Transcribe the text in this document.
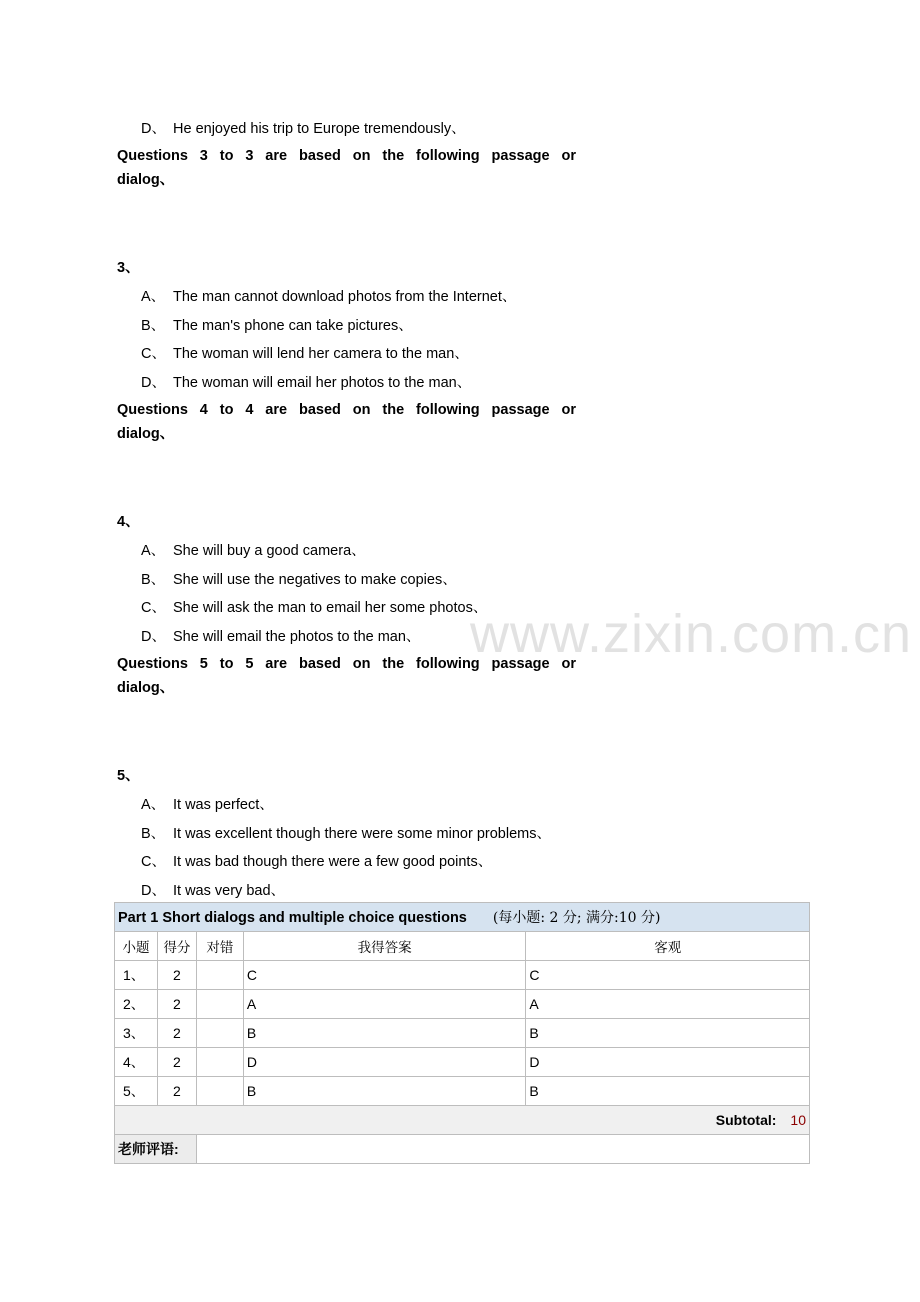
D、 He enjoyed his trip to Europe tremendously、
Questions 3 to 3 are based on the following passage or
dialog、
3、
A、 The man cannot download photos from the Internet、
B、 The man's phone can take pictures、
C、 The woman will lend her camera to the man、
D、 The woman will email her photos to the man、
Questions 4 to 4 are based on the following passage or
dialog、
4、
A、 She will buy a good camera、
B、 She will use the negatives to make copies、
C、 She will ask the man to email her some photos、
D、 She will email the photos to the man、 www.zixin.com.cn
Questions 5 to 5 are based on the following passage or
dialog、
5、
A、 It was perfect、
B、 It was excellent though there were some minor problems、
C、 It was bad though there were a few good points、
D、 It was very bad、
Part 1 Short dialogs and multiple choice questions (每小题: 2 分; 满分:10 分)				
小题	得分	对错	我得答案	客观
1、	2		C	C
2、	2		A	A
3、	2		B	B
4、	2		D	D
5、	2		B	B
Subtotal: 10				
老师评语:				
